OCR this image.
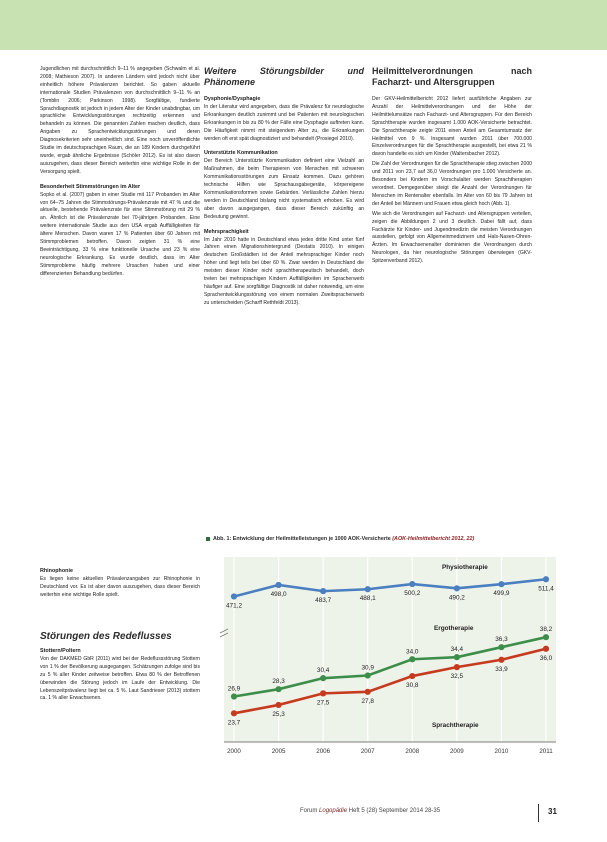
Jugendlichen mit durchschnittlich 9–11 % angegeben (Schwalm et al. 2008; Mathieson 2007). In anderen Ländern wird jedoch nicht über einheitlich höhere Prävalenzen berichtet. So gaben aktuelle internationale Studien Prävalenzen von durchschnittlich 9–11 % an (Tomblin 2006; Parkinson 1998). Sorgfältige, fundierte Sprachdiagnostik ist jedoch in jedem Alter der Kinder unabdingbar, um sprachliche Entwicklungsstörungen rechtzeitig erkennen und behandeln zu können. Die genannten Zahlen machen deutlich, dass Angaben zu Sprachentwicklungsstörungen und deren Diagnosekriterien sehr uneinheitlich sind. Eine noch unveröffentlichte Studie im deutschsprachigen Raum, die an 189 Kindern durchgeführt wurde, ergab ähnliche Ergebnisse (Schöler 2012). Es ist also davon auszugehen, dass dieser Bereich weiterhin eine wichtige Rolle in der Versorgung spielt.

Besonderheit Stimmstörungen im Alter

Sopko et al. (2007) gaben in einer Studie mit 117 Probanden im Alter von 64–75 Jahren die Stimmstörungs-Prävalenzrate mit 47 % und die aktuelle, bestehende Prävalenzrate für eine Stimmstörung mit 29 % an. Ähnlich ist die Prävalenzrate bei 70-jährigen Probanden. Eine weitere internationale Studie aus den USA ergab Auffälligkeiten für ältere Menschen. Davon waren 17 % Patienten über 60 Jahren mit Stimmproblemen betroffen. Davon zeigten 31 % eine Beeinträchtigung, 33 % eine funktionelle Ursache und 23 % eine neurologische Erkrankung. Es wurde deutlich, dass im Alter Stimmprobleme häufig mehrere Ursachen haben und einer differenzierten Behandlung bedürfen.

Weitere Störungsbilder und Phänomene
Dysphonie/Dysphagie

In der Literatur wird angegeben, dass die Prävalenz für neurologische Erkrankungen deutlich zunimmt und bei Patienten mit neurologischen Erkrankungen in bis zu 80 % der Fälle eine Dysphagie auftreten kann. Die Häufigkeit nimmt mit steigendem Alter zu, die Erkrankungen werden oft erst spät diagnostiziert und behandelt (Prosiegel 2010).

Unterstützte Kommunikation

Der Bereich Unterstützte Kommunikation definiert eine Vielzahl an Maßnahmen, die beim Therapieren von Menschen mit schweren Kommunikationsstörungen zum Einsatz kommen. Dazu gehören technische Hilfen wie Sprachausgabegeräte, körpereigene Kommunikationsformen sowie Gebärden. Verlässliche Zahlen hierzu werden in Deutschland bislang nicht systematisch erhoben. Es wird aber davon ausgegangen, dass dieser Bereich zukünftig an Bedeutung gewinnt.

Mehrsprachigkeit

Im Jahr 2010 hatte in Deutschland etwa jedes dritte Kind unter fünf Jahren einen Migrationshintergrund (Destatis 2010). In einigen deutschen Großstädten ist der Anteil mehrsprachiger Kinder noch höher und liegt teils bei über 60 %. Zwar werden in Deutschland die meisten dieser Kinder nicht sprachtherapeutisch behandelt, doch treten bei mehrsprachigen Kindern Auffälligkeiten im Spracherwerb häufiger auf. Eine sorgfältige Diagnostik ist daher notwendig, um eine Sprachentwicklungsstörung von einem normalen Zweitspracherwerb zu unterscheiden (Scharff Rethfeldt 2013).

Heilmittelverordnungen nach Facharzt- und Altersgruppen

Der GKV-Heilmittelbericht 2012 liefert ausführliche Angaben zur Anzahl der Heilmittelverordnungen und der Höhe der Heilmittelumsätze nach Facharzt- und Altersgruppen. Für den Bereich Sprachtherapie wurden insgesamt 1.000 AOK-Versicherte betrachtet. Die Sprachtherapie zeigte 2011 einen Anteil am Gesamtumsatz der Heilmittel von 9 %. Insgesamt wurden 2011 über 700.000 Einzelverordnungen für die Sprachtherapie ausgestellt, bei etwa 21 % davon handelte es sich um Kinder (Waltersbacher 2012).

Die Zahl der Verordnungen für die Sprachtherapie stieg zwischen 2000 und 2011 von 23,7 auf 36,0 Verordnungen pro 1.000 Versicherte an. Besonders bei Kindern im Vorschulalter werden Sprachtherapien verordnet. Demgegenüber steigt die Anzahl der Verordnungen für Menschen im Rentenalter ebenfalls. Im Alter von 60 bis 79 Jahren ist der Anteil bei Männern und Frauen etwa gleich hoch (Abb. 1).

Wie sich die Verordnungen auf Facharzt- und Altersgruppen verteilen, zeigen die Abbildungen 2 und 3 deutlich. Dabei fällt auf, dass Fachärzte für Kinder- und Jugendmedizin die meisten Verordnungen ausstellen, gefolgt von Allgemeinmedizinern und Hals-Nasen-Ohren-Ärzten. Im Erwachsenenalter dominieren die Verordnungen durch Neurologen, da hier neurologische Störungen überwiegen (GKV-Spitzenverband 2012).

Rhinophonie

Es liegen keine aktuellen Prävalenzangaben zur Rhinophonie in Deutschland vor. Es ist aber davon auszugehen, dass dieser Bereich weiterhin eine wichtige Rolle spielt.

Störungen des Redeflusses
Stottern/Poltern

Von der DAKMED GbR (2011) wird bei der Redeflussstörung Stottern von 1 % der Bevölkerung ausgegangen. Schätzungen zufolge sind bis zu 5 % aller Kinder zeitweise betroffen. Etwa 80 % der Betroffenen überwinden die Störung jedoch im Laufe der Entwicklung. Die Lebenszeitprävalenz liegt bei ca. 5 %. Laut Sandrieser (2013) stottern ca. 1 % aller Erwachsenen.

Abb. 1: Entwicklung der Heilmittelleistungen je 1000 AOK-Versicherte (AOK-Heilmittelbericht 2012, 22)
2000	2005	2006	2007	2008	2009	2010	2011
471,2
498,0
483,7	488,1
500,2
490,2
499,9
511,4
Physiotherapie
26,9
28,3
30,4	30,9
34,0	34,4
36,3
38,2
Ergotherapie
23,7
25,3
27,5	27,8
30,8
32,5
33,9
36,0
Sprachtherapie
Forum Logopädie Heft 5 (28) September 2014 28-35	31
